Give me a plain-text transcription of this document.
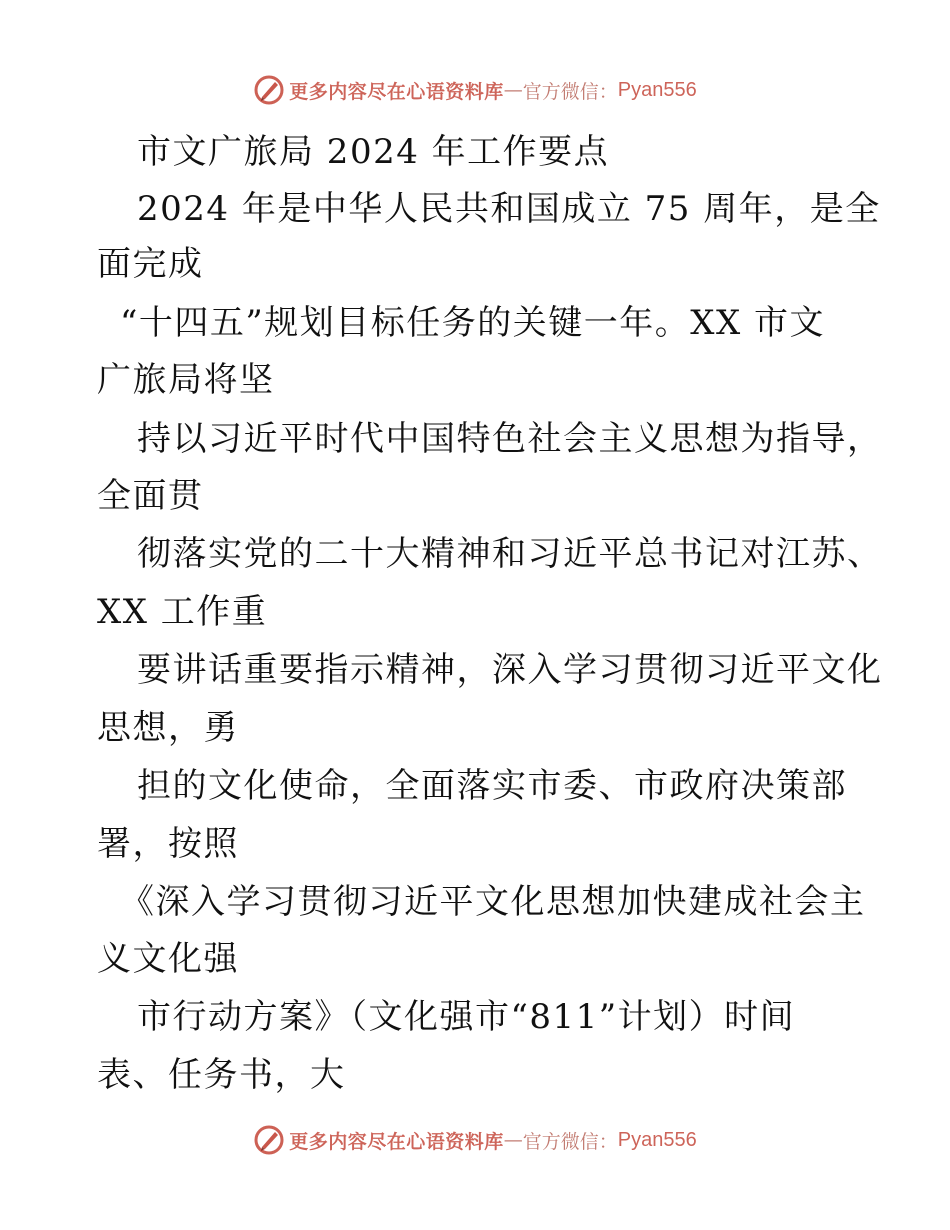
更多内容尽在心语资料库 — 官方微信： Pyan556
市文广旅局 2024 年工作要点
2024 年是中华人民共和国成立 75 周年，是全
面完成
“十四五”规划目标任务的关键一年。XX 市文
广旅局将坚
持以习近平时代中国特色社会主义思想为指导，
全面贯
彻落实党的二十大精神和习近平总书记对江苏、
XX 工作重
要讲话重要指示精神，深入学习贯彻习近平文化
思想，勇
担的文化使命，全面落实市委、市政府决策部
署，按照
《深入学习贯彻习近平文化思想加快建成社会主
义文化强
市行动方案》（文化强市“811”计划）时间
表、任务书，大
更多内容尽在心语资料库 — 官方微信： Pyan556
